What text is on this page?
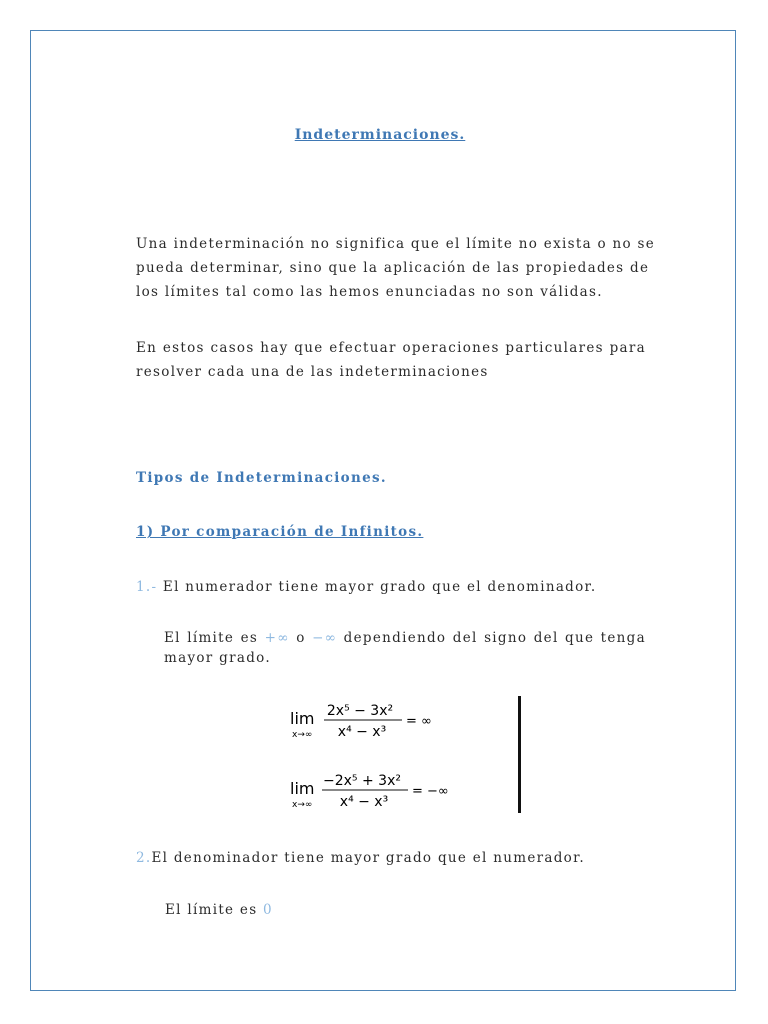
Indeterminaciones.
Una indeterminación no significa que el límite no exista o no se
pueda determinar, sino que la aplicación de las propiedades de
los límites tal como las hemos enunciadas no son válidas.
En estos casos hay que efectuar operaciones particulares para
resolver cada una de las indeterminaciones
Tipos de Indeterminaciones.
1) Por comparación de Infinitos.
1.- El numerador tiene mayor grado que el denominador.
El límite es +∞ o −∞ dependiendo del signo del que tenga
mayor grado.
lim
x→∞
2x⁵ − 3x²
x⁴ − x³
= ∞
lim
x→∞
−2x⁵ + 3x²
x⁴ − x³
= −∞
2.El denominador tiene mayor grado que el numerador.
El límite es 0
